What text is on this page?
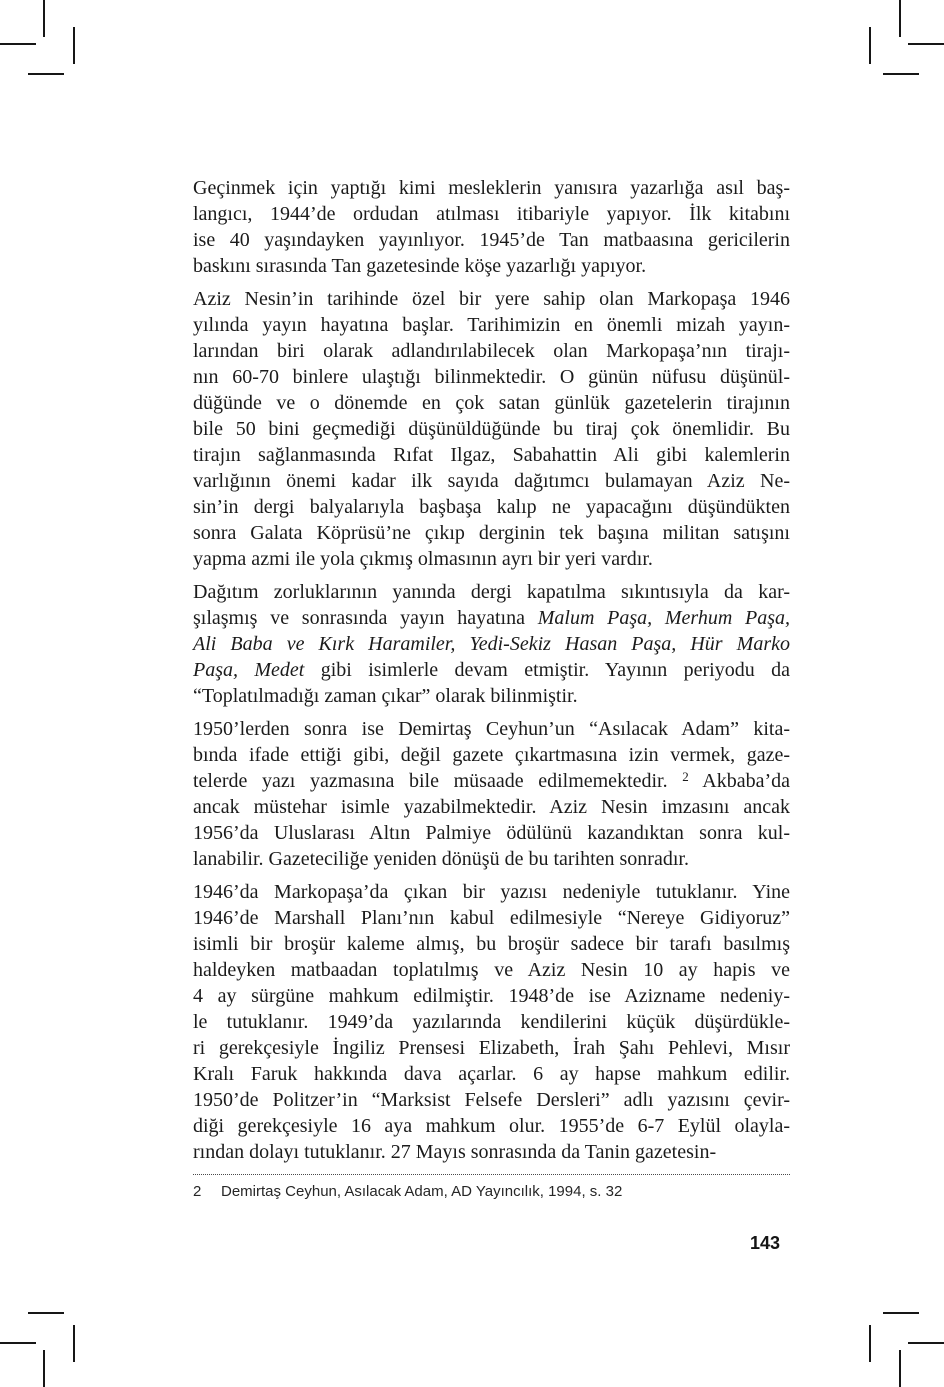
Geçinmek için yaptığı kimi mesleklerin yanısıra yazarlığa asıl baş-
langıcı, 1944’de ordudan atılması itibariyle yapıyor. İlk kitabını
ise 40 yaşındayken yayınlıyor. 1945’de Tan matbaasına gericilerin
baskını sırasında Tan gazetesinde köşe yazarlığı yapıyor.
Aziz Nesin’in tarihinde özel bir yere sahip olan Markopaşa 1946
yılında yayın hayatına başlar. Tarihimizin en önemli mizah yayın-
larından biri olarak adlandırılabilecek olan Markopaşa’nın tirajı-
nın 60-70 binlere ulaştığı bilinmektedir. O günün nüfusu düşünül-
düğünde ve o dönemde en çok satan günlük gazetelerin tirajının
bile 50 bini geçmediği düşünüldüğünde bu tiraj çok önemlidir. Bu
tirajın sağlanmasında Rıfat Ilgaz, Sabahattin Ali gibi kalemlerin
varlığının önemi kadar ilk sayıda dağıtımcı bulamayan Aziz Ne-
sin’in dergi balyalarıyla başbaşa kalıp ne yapacağını düşündükten
sonra Galata Köprüsü’ne çıkıp derginin tek başına militan satışını
yapma azmi ile yola çıkmış olmasının ayrı bir yeri vardır.
Dağıtım zorluklarının yanında dergi kapatılma sıkıntısıyla da kar-
şılaşmış ve sonrasında yayın hayatına Malum Paşa, Merhum Paşa,
Ali Baba ve Kırk Haramiler, Yedi-Sekiz Hasan Paşa, Hür Marko
Paşa, Medet gibi isimlerle devam etmiştir. Yayının periyodu da
“Toplatılmadığı zaman çıkar” olarak bilinmiştir.
1950’lerden sonra ise Demirtaş Ceyhun’un “Asılacak Adam” kita-
bında ifade ettiği gibi, değil gazete çıkartmasına izin vermek, gaze-
telerde yazı yazmasına bile müsaade edilmemektedir. $^2$ Akbaba’da
ancak müstehar isimle yazabilmektedir. Aziz Nesin imzasını ancak
1956’da Uluslarası Altın Palmiye ödülünü kazandıktan sonra kul-
lanabilir. Gazeteciliğe yeniden dönüşü de bu tarihten sonradır.
1946’da Markopaşa’da çıkan bir yazısı nedeniyle tutuklanır. Yine
1946’de Marshall Planı’nın kabul edilmesiyle “Nereye Gidiyoruz”
isimli bir broşür kaleme almış, bu broşür sadece bir tarafı basılmış
haldeyken matbaadan toplatılmış ve Aziz Nesin 10 ay hapis ve
4 ay sürgüne mahkum edilmiştir. 1948’de ise Azizname nedeniy-
le tutuklanır. 1949’da yazılarında kendilerini küçük düşürdükle-
ri gerekçesiyle İngiliz Prensesi Elizabeth, İrah Şahı Pehlevi, Mısır
Kralı Faruk hakkında dava açarlar. 6 ay hapse mahkum edilir.
1950’de Politzer’in “Marksist Felsefe Dersleri” adlı yazısını çevir-
diği gerekçesiyle 16 aya mahkum olur. 1955’de 6-7 Eylül olayla-
rından dolayı tutuklanır. 27 Mayıs sonrasında da Tanin gazetesin-
2	Demirtaş Ceyhun, Asılacak Adam, AD Yayıncılık, 1994, s. 32
143
